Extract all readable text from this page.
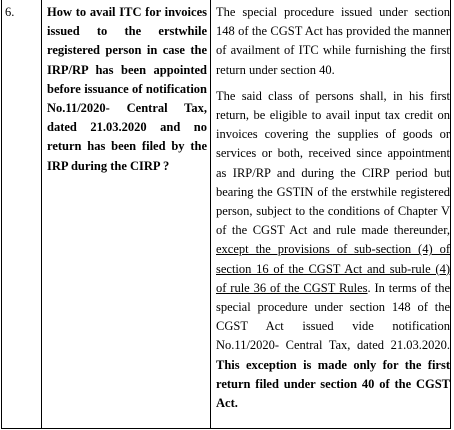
6.	How to avail ITC for invoices issued to the erstwhile registered person in case the IRP/RP has been appointed before issuance of notification No.11/2020- Central Tax, dated 21.03.2020 and no return has been filed by the IRP during the CIRP ?

The special procedure issued under section 148 of the CGST Act has provided the manner of availment of ITC while furnishing the first return under section 40.

The said class of persons shall, in his first return, be eligible to avail input tax credit on invoices covering the supplies of goods or services or both, received since appointment as IRP/RP and during the CIRP period but bearing the GSTIN of the erstwhile registered person, subject to the conditions of Chapter V of the CGST Act and rule made thereunder, except the provisions of sub-section (4) of section 16 of the CGST Act and sub-rule (4) of rule 36 of the CGST Rules. In terms of the special procedure under section 148 of the CGST Act issued vide notification No.11/2020- Central Tax, dated 21.03.2020. This exception is made only for the first return filed under section 40 of the CGST Act.
